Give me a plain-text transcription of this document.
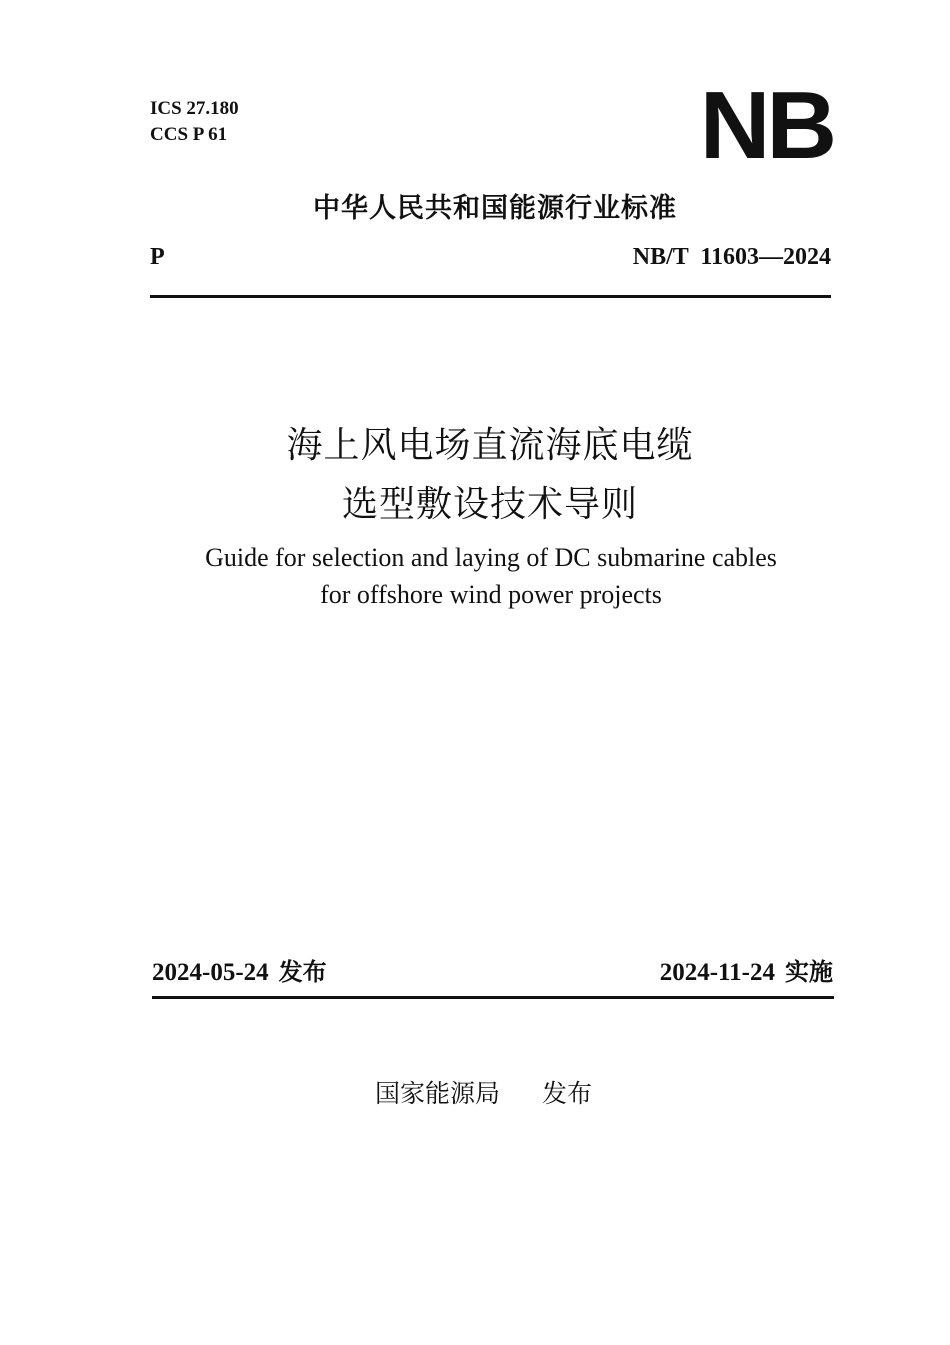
ICS 27.180
CCS P 61	NB
中华人民共和国能源行业标准
P	NB/T  11603—2024
海上风电场直流海底电缆
选型敷设技术导则
Guide for selection and laying of DC submarine cables
for offshore wind power projects
2024-05-24 发布	2024-11-24 实施
国家能源局 发布
